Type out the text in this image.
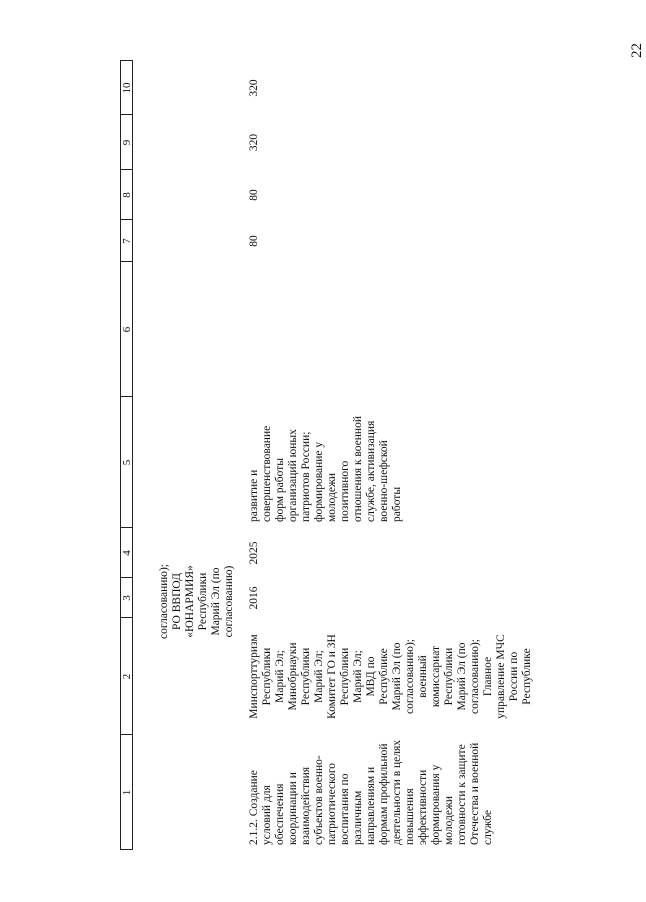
22
1
2
3
4
5
6
7
8
9
10
согласованию); РО ВВПОД «ЮНАРМИЯ» Республики Марий Эл (по согласованию)
2.1.2. Создание условий для обеспечения координации и взаимодействия субъектов военно- патриотического воспитания по различным направлениям и формам профильной деятельности в целях повышения эффективности формирования у молодежи готовности к защите Отечества и военной службе
Минспорттуризм Республики Марий Эл; Минобрнауки Республики Марий Эл; Комитет ГО и ЗН Республики Марий Эл; МВД по Республике Марий Эл (по согласованию); военный комиссариат Республики Марий Эл (по согласованию); Главное управление МЧС России по Республике
2016
2025
развитие и совершенствование форм работы организаций юных патриотов России; формирование у молодежи позитивного отношения к военной службе, активизация военно-шефской работы
80
80
320
320
